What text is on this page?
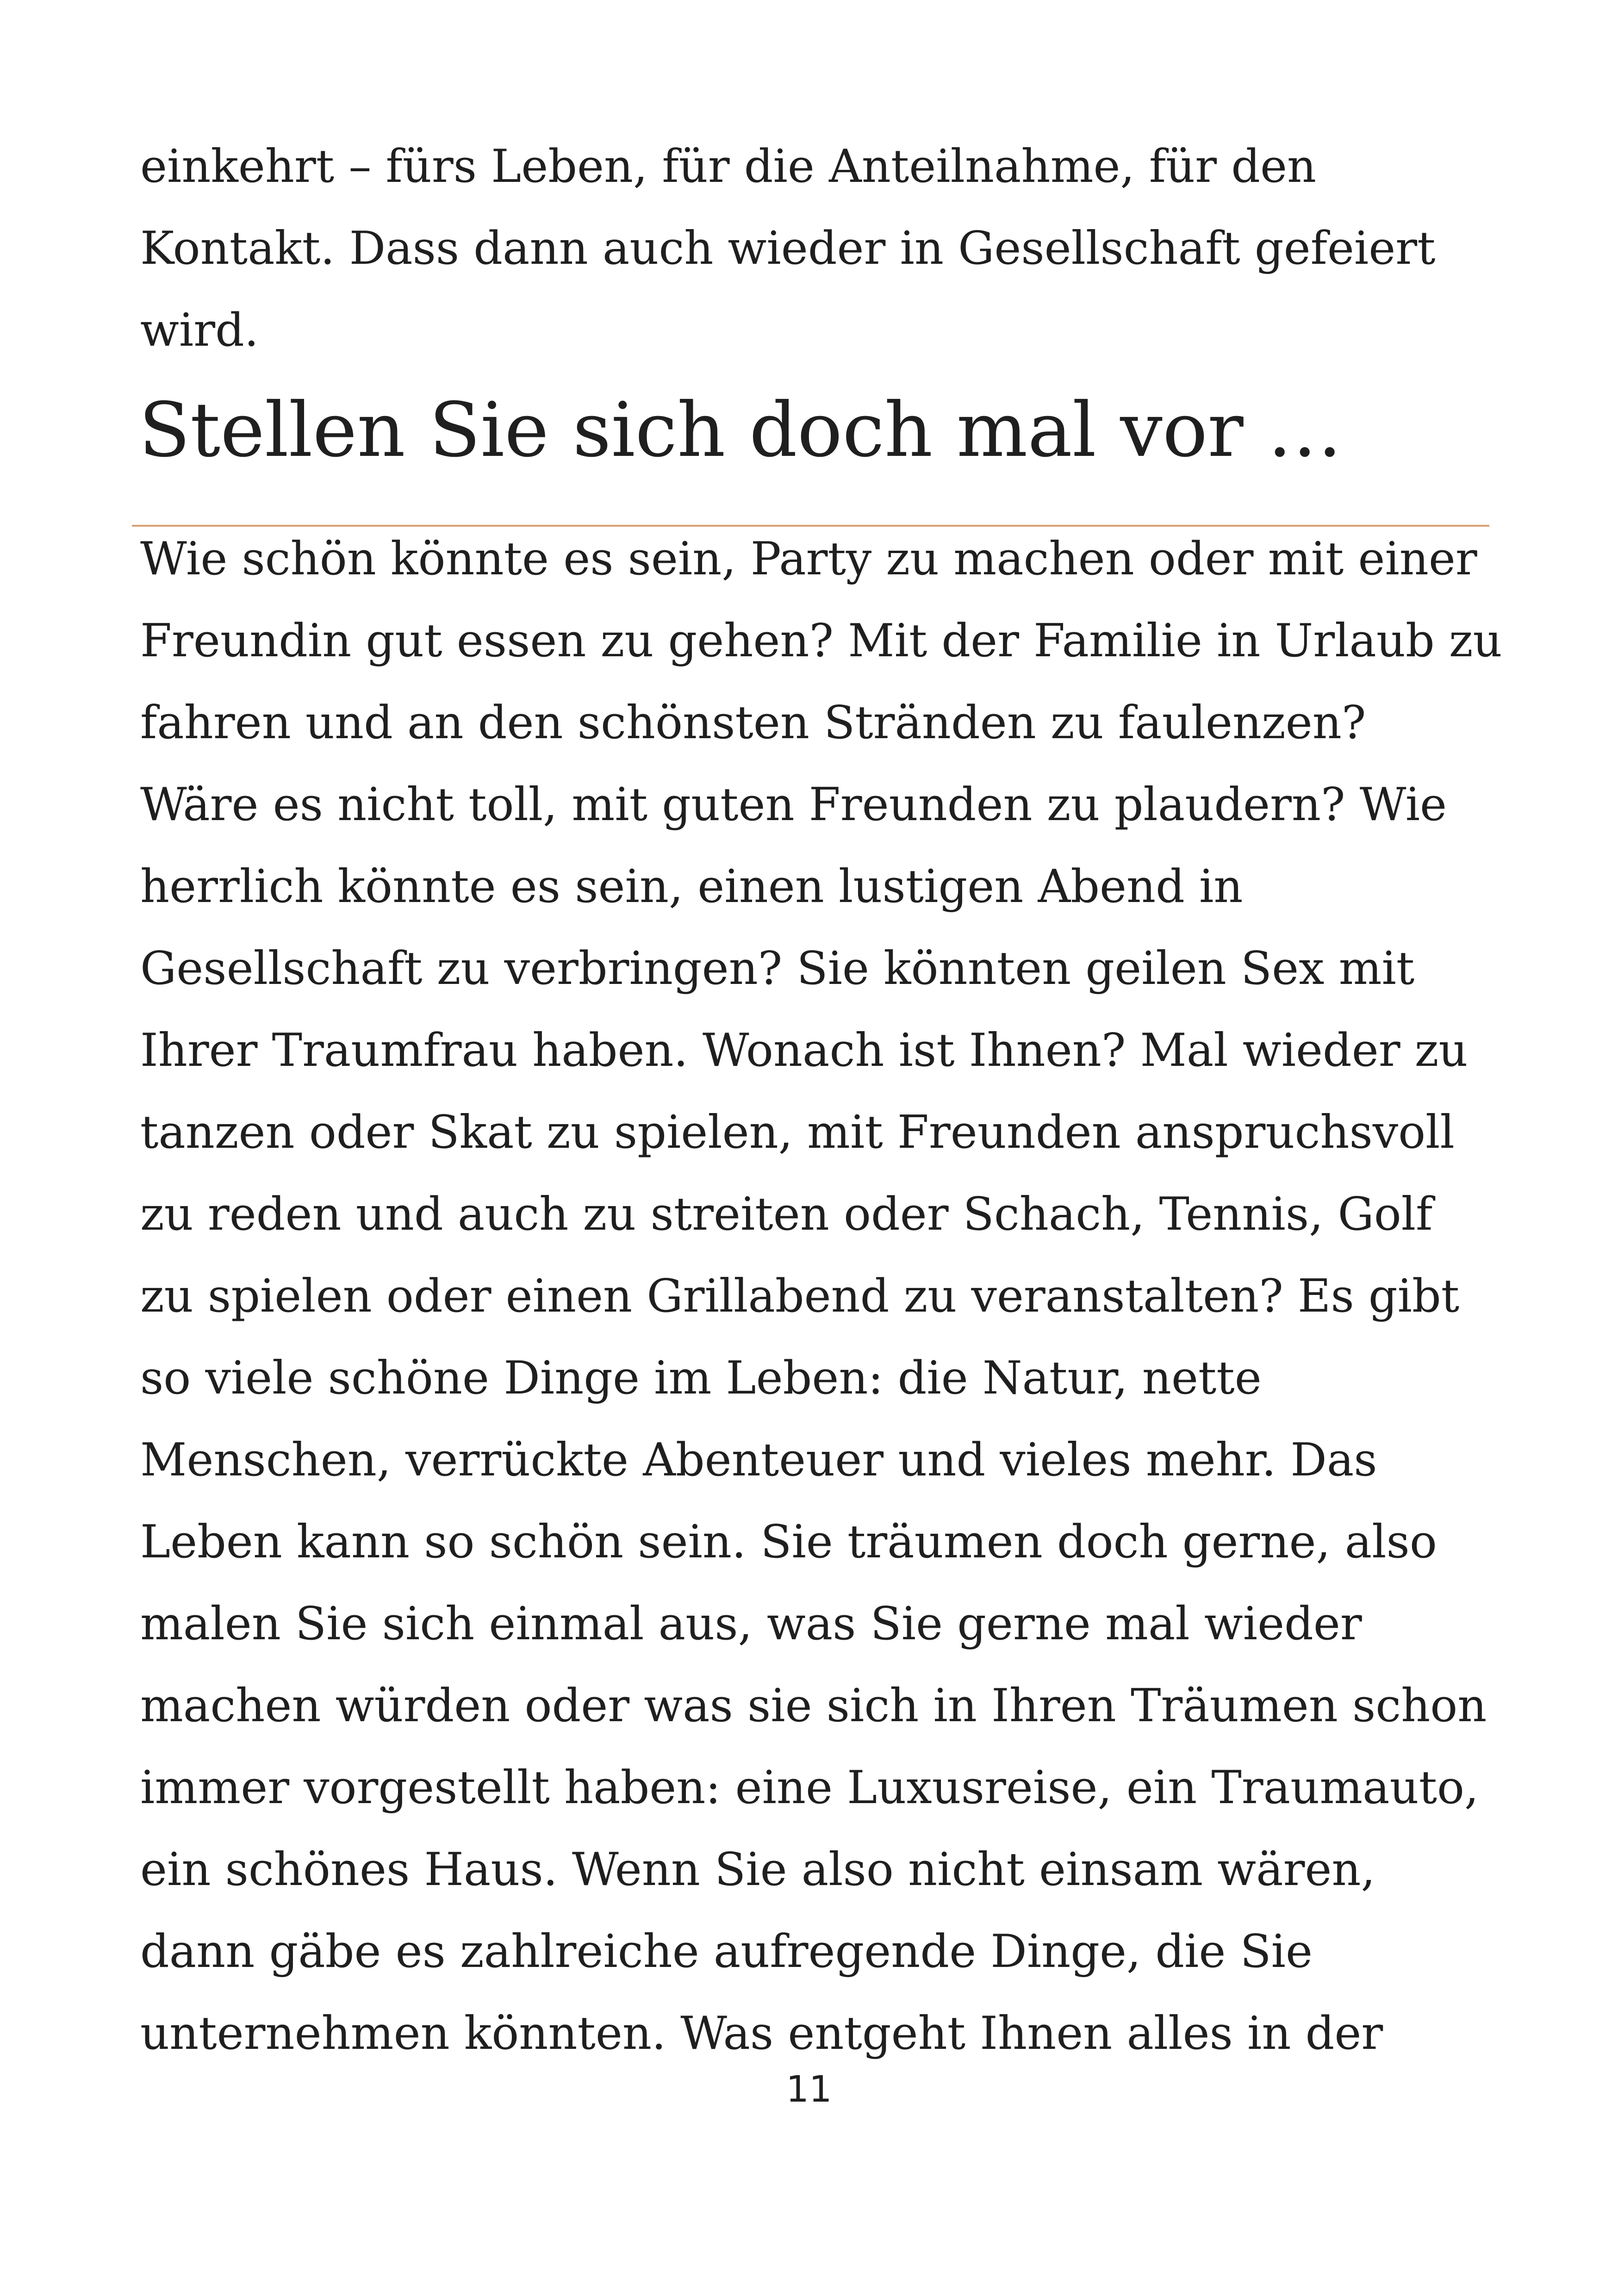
einkehrt – fürs Leben, für die Anteilnahme, für den
Kontakt. Dass dann auch wieder in Gesellschaft gefeiert
wird.
Stellen Sie sich doch mal vor …
Wie schön könnte es sein, Party zu machen oder mit einer
Freundin gut essen zu gehen? Mit der Familie in Urlaub zu
fahren und an den schönsten Stränden zu faulenzen?
Wäre es nicht toll, mit guten Freunden zu plaudern? Wie
herrlich könnte es sein, einen lustigen Abend in
Gesellschaft zu verbringen? Sie könnten geilen Sex mit
Ihrer Traumfrau haben. Wonach ist Ihnen? Mal wieder zu
tanzen oder Skat zu spielen, mit Freunden anspruchsvoll
zu reden und auch zu streiten oder Schach, Tennis, Golf
zu spielen oder einen Grillabend zu veranstalten? Es gibt
so viele schöne Dinge im Leben: die Natur, nette
Menschen, verrückte Abenteuer und vieles mehr. Das
Leben kann so schön sein. Sie träumen doch gerne, also
malen Sie sich einmal aus, was Sie gerne mal wieder
machen würden oder was sie sich in Ihren Träumen schon
immer vorgestellt haben: eine Luxusreise, ein Traumauto,
ein schönes Haus. Wenn Sie also nicht einsam wären,
dann gäbe es zahlreiche aufregende Dinge, die Sie
unternehmen könnten. Was entgeht Ihnen alles in der
11
